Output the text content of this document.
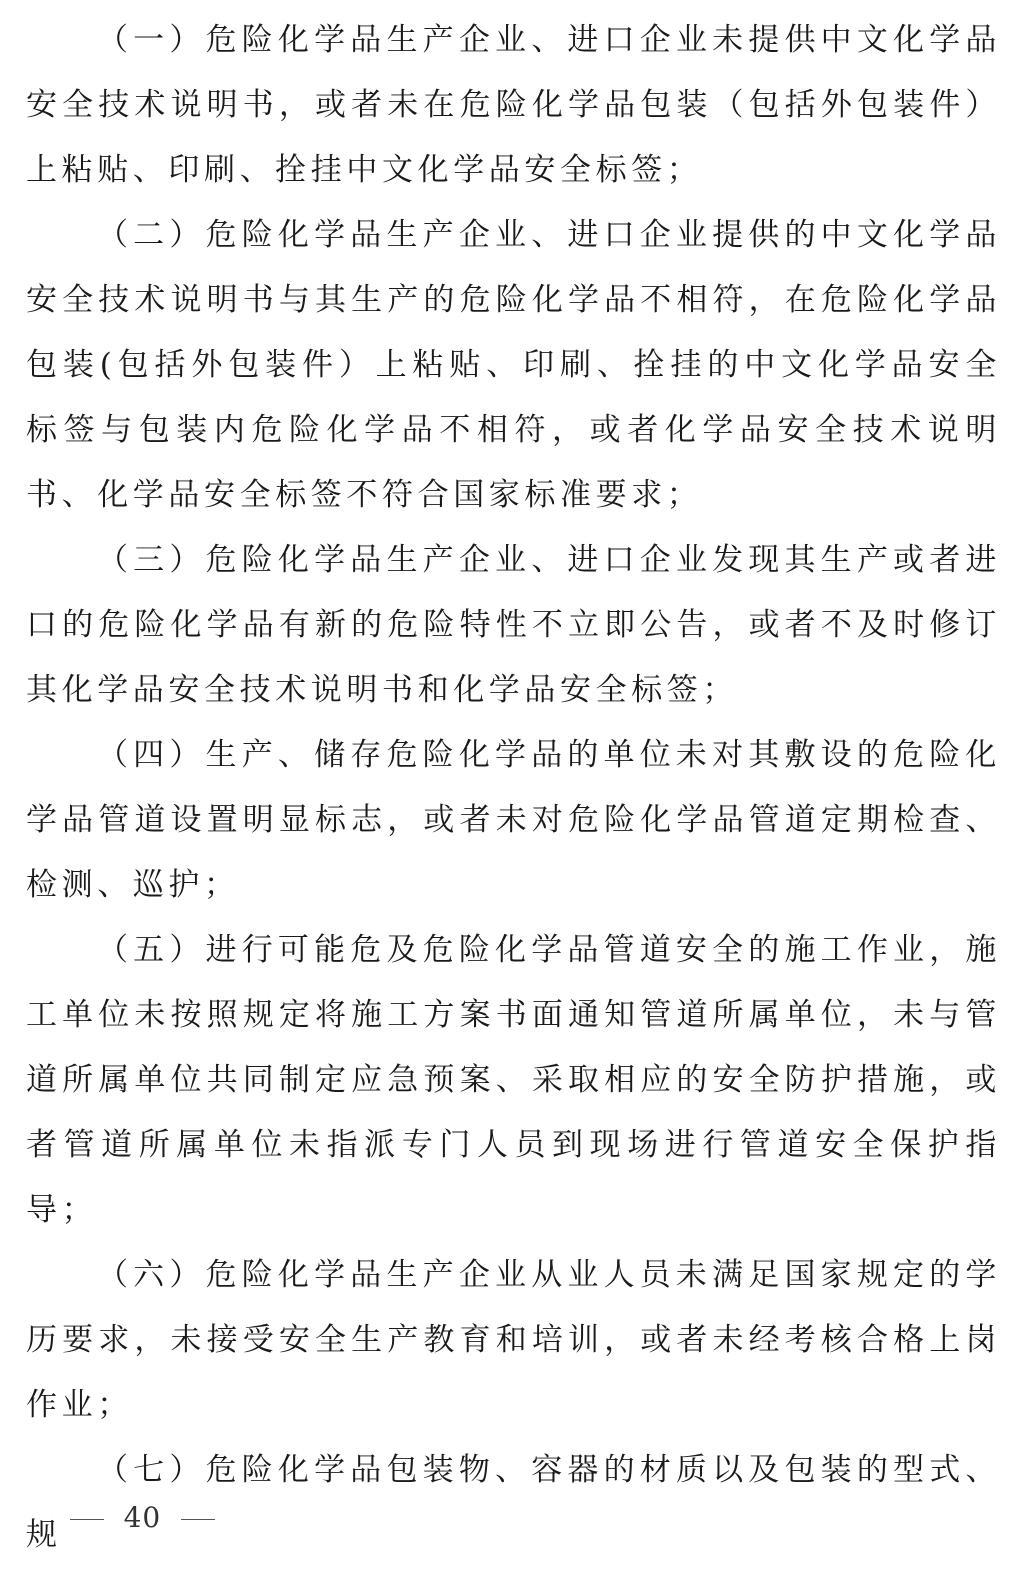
（一）危险化学品生产企业、进口企业未提供中文化学品安全技术说明书，或者未在危险化学品包装（包括外包装件）上粘贴、印刷、拴挂中文化学品安全标签；

（二）危险化学品生产企业、进口企业提供的中文化学品安全技术说明书与其生产的危险化学品不相符，在危险化学品包装(包括外包装件）上粘贴、印刷、拴挂的中文化学品安全标签与包装内危险化学品不相符，或者化学品安全技术说明书、化学品安全标签不符合国家标准要求；

（三）危险化学品生产企业、进口企业发现其生产或者进口的危险化学品有新的危险特性不立即公告，或者不及时修订其化学品安全技术说明书和化学品安全标签；

（四）生产、储存危险化学品的单位未对其敷设的危险化学品管道设置明显标志，或者未对危险化学品管道定期检查、检测、巡护；

（五）进行可能危及危险化学品管道安全的施工作业，施工单位未按照规定将施工方案书面通知管道所属单位，未与管道所属单位共同制定应急预案、采取相应的安全防护措施，或者管道所属单位未指派专门人员到现场进行管道安全保护指导；

（六）危险化学品生产企业从业人员未满足国家规定的学历要求，未接受安全生产教育和培训，或者未经考核合格上岗作业；

（七）危险化学品包装物、容器的材质以及包装的型式、规	40
